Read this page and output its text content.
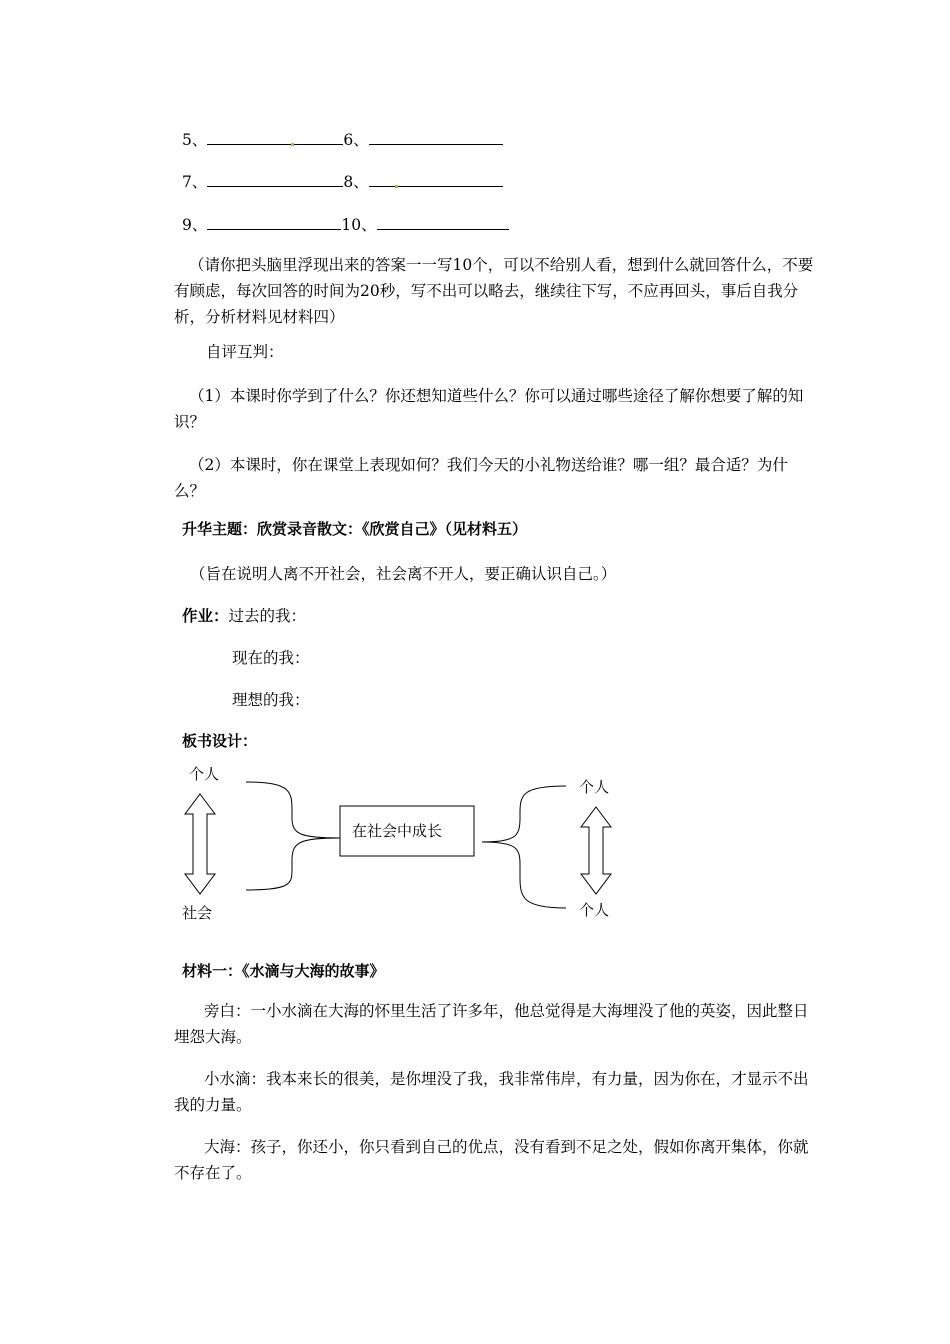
5、	6、
7、	8、
9、	10、
（请你把头脑里浮现出来的答案一一写10个，可以不给别人看，想到什么就回答什么，不要有顾虑，每次回答的时间为20秒，写不出可以略去，继续往下写，不应再回头，事后自我分析，分析材料见材料四）
自评互判：
（1）本课时你学到了什么？你还想知道些什么？你可以通过哪些途径了解你想要了解的知识？
（2）本课时，你在课堂上表现如何？我们今天的小礼物送给谁？哪一组？最合适？为什么？
升华主题：欣赏录音散文：《欣赏自己》（见材料五）
（旨在说明人离不开社会，社会离不开人，要正确认识自己。）
作业：过去的我：
现在的我：
理想的我：
板书设计：
个人
社会
个人
个人
在社会中成长
材料一：《水滴与大海的故事》
旁白：一小水滴在大海的怀里生活了许多年，他总觉得是大海埋没了他的英姿，因此整日埋怨大海。
小水滴：我本来长的很美，是你埋没了我，我非常伟岸，有力量，因为你在，才显示不出我的力量。
大海：孩子，你还小，你只看到自己的优点，没有看到不足之处，假如你离开集体，你就不存在了。
